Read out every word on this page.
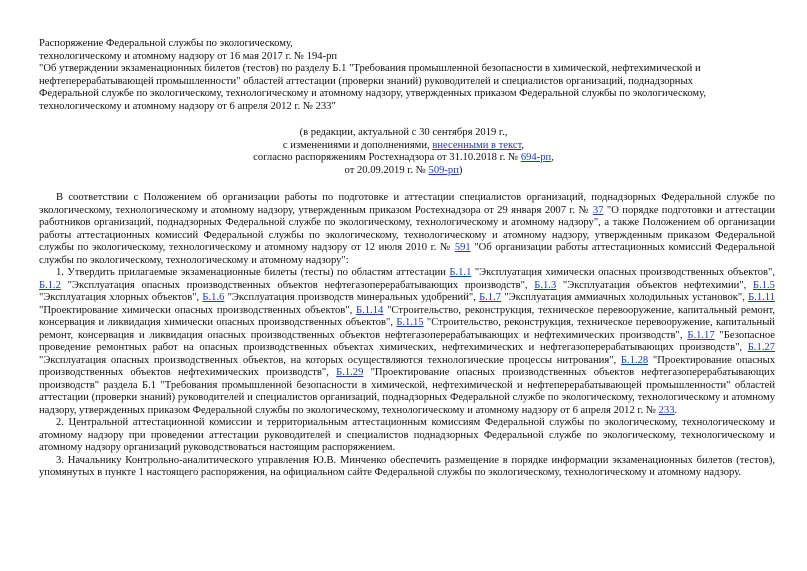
Распоряжение Федеральной службы по экологическому,
технологическому и атомному надзору от 16 мая 2017 г. № 194-рп
"Об утверждении экзаменационных билетов (тестов) по разделу Б.1 "Требования промышленной безопасности в химической, нефтехимической и
нефтеперерабатывающей промышленности" областей аттестации (проверки знаний) руководителей и специалистов организаций, поднадзорных
Федеральной службе по экологическому, технологическому и атомному надзору, утвержденных приказом Федеральной службы по экологическому,
технологическому и атомному надзору от 6 апреля 2012 г. № 233"
(в редакции, актуальной с 30 сентября 2019 г.,
с изменениями и дополнениями, внесенными в текст,
согласно распоряжениям Ростехнадзора от 31.10.2018 г. № 694-рп,
от 20.09.2019 г. № 509-рп)

В соответствии с Положением об организации работы по подготовке и аттестации специалистов организаций, поднадзорных Федеральной службе по экологическому, технологическому и атомному надзору, утвержденным приказом Ростехнадзора от 29 января 2007 г. № 37 "О порядке подготовки и аттестации работников организаций, поднадзорных Федеральной службе по экологическому, технологическому и атомному надзору", а также Положением об организации работы аттестационных комиссий Федеральной службы по экологическому, технологическому и атомному надзору, утвержденным приказом Федеральной службы по экологическому, технологическому и атомному надзору от 12 июля 2010 г. № 591 "Об организации работы аттестационных комиссий Федеральной службы по экологическому, технологическому и атомному надзору":

1. Утвердить прилагаемые экзаменационные билеты (тесты) по областям аттестации Б.1.1 "Эксплуатация химически опасных производственных объектов", Б.1.2 "Эксплуатация опасных производственных объектов нефтегазоперерабатывающих производств", Б.1.3 "Эксплуатация объектов нефтехимии", Б.1.5 "Эксплуатация хлорных объектов", Б.1.6 "Эксплуатация производств минеральных удобрений", Б.1.7 "Эксплуатация аммиачных холодильных установок", Б.1.11 "Проектирование химически опасных производственных объектов", Б.1.14 "Строительство, реконструкция, техническое перевооружение, капитальный ремонт, консервация и ликвидация химически опасных производственных объектов", Б.1.15 "Строительство, реконструкция, техническое перевооружение, капитальный ремонт, консервация и ликвидация опасных производственных объектов нефтегазоперерабатывающих и нефтехимических производств", Б.1.17 "Безопасное проведение ремонтных работ на опасных производственных объектах химических, нефтехимических и нефтегазоперерабатывающих производств", Б.1.27 "Эксплуатация опасных производственных объектов, на которых осуществляются технологические процессы нитрования", Б.1.28 "Проектирование опасных производственных объектов нефтехимических производств", Б.1.29 "Проектирование опасных производственных объектов нефтегазоперерабатывающих производств" раздела Б.1 "Требования промышленной безопасности в химической, нефтехимической и нефтеперерабатывающей промышленности" областей аттестации (проверки знаний) руководителей и специалистов организаций, поднадзорных Федеральной службе по экологическому, технологическому и атомному надзору, утвержденных приказом Федеральной службы по экологическому, технологическому и атомному надзору от 6 апреля 2012 г. № 233.

2. Центральной аттестационной комиссии и территориальным аттестационным комиссиям Федеральной службы по экологическому, технологическому и атомному надзору при проведении аттестации руководителей и специалистов поднадзорных Федеральной службе по экологическому, технологическому и атомному надзору организаций руководствоваться настоящим распоряжением.

3. Начальнику Контрольно-аналитического управления Ю.В. Минченко обеспечить размещение в порядке информации экзаменационных билетов (тестов), упомянутых в пункте 1 настоящего распоряжения, на официальном сайте Федеральной службы по экологическому, технологическому и атомному надзору.
